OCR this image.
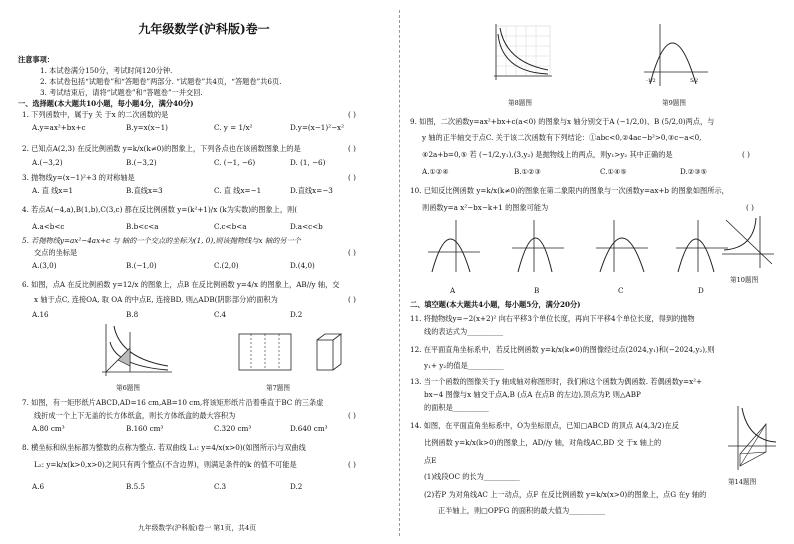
九年级数学(沪科版)卷一
注意事项：
1. 本试卷满分150分，考试时间120分钟.
2. 本试卷包括“试题卷”和“答题卷”两部分. “试题卷”共4页，“答题卷”共6页.
3. 考试结束后，请将“试题卷”和“答题卷”一并交回.
一、选择题(本大题共10小题，每小题4分，满分40分)
1. 下列函数中，属于y 关 于x 的二次函数的是	( )
A.y=ax²+bx+c	B.y=x(x−1)	C. y = 1/x²	D.y=(x−1)²−x²
2. 已知点A(2,3) 在反比例函数 y=k/x(k≠0)的图象上，下列各点也在该函数图象上的是	( )
A.(−3,2)	B.(−3,2)	C. (−1, −6)	D. (1, −6)
3. 抛物线y=(x−1)²+3 的对称轴是	( )
A. 直 线x=1	B.直线x=3	C. 直 线x=−1	D.直线x=−3
4. 若点A(−4,a),B(1,b),C(3,c) 都在反比例函数 y=(k²+1)/x (k为实数)的图象上，则(
A.a<b<c	B.b<c<a	C.c<b<a	D.a<c<b
5. 若抛物线y=ax²−4ax+c 与 轴的一个交点的坐标为(1, 0),则该抛物线与x 轴的另一个
交点的坐标是	( )
A.(3,0)	B.(−1,0)	C.(2,0)	D.(4,0)
6. 如图，点A 在反比例函数 y=12/x 的图象上，点B 在反比例函数 y=4/x 的图象上，AB//y 轴，交
x 轴于点C, 连接OA, 取 OA 的中点E, 连接BD, 则△ADB(阴影部分)的面积为	( )
A.16	B.8	C.4	D.2
第6题图	第7题图
7. 如图，有一矩形纸片ABCD,AD=16 cm,AB=10 cm,将该矩形纸片沿着垂直于BC 的三条虚
线折成一个上下无盖的长方体纸盒，则长方体纸盒的最大容积为	( )
A.80 cm³	B.160 cm³	C.320 cm³	D.640 cm³
8. 横坐标和纵坐标都为整数的点称为整点. 若双曲线 L₁: y=4/x(x>0)(如图所示)与双曲线
L₂: y=k/x(k>0,x>0)之间只有两个整点(不含边界)，则满足条件的k 的值不可能是	( )
A.6	B.5.5	C.3	D.2
九年级数学(沪科版)卷一 第1页，共4页
第8题图
-1/2	5/2
第9题图
9. 如图，二次函数y=ax²+bx+c(a<0) 的图象与x 轴分别交于A (−1/2,0)、B (5/2,0)两点，与
y 轴的正半轴交于点C. 关于该二次函数有下列结论：①abc<0,②4ac−b²>0,③c−a<0,
④2a+b=0,⑤ 若 (−1/2,y₁),(3,y₂) 是抛物线上的两点，则y₁>y₂ 其中正确的是	( )
A.①②④	B.①②③	C.①④⑤	D.②③⑤
10. 已知反比例函数 y=k/x(k≠0)的图象在第二象限内的图象与一次函数y=ax+b 的图象如图所示，
则函数y=a x²−bx−k+1 的图象可能为	( )
A	B	C	D
第10题图
二、填空题(本大题共4小题，每小题5分，满分20分)
11. 将抛物线y=−2(x+2)² 向右平移3个单位长度，再向下平移4个单位长度，得到的抛物
线的表达式为__________
12. 在平面直角坐标系中，若反比例函数 y=k/x(k≠0)的图像经过点(2024,y₁)和(−2024,y₂),则
y₁+ y₂的值是__________
13. 当一个函数的图像关于y 轴成轴对称图形时，我们称这个函数为偶函数. 若偶函数y=x²+
bx−4 图像与x 轴交于点A,B (点A 在点B 的左边),顶点为P, 则△ABP
的面积是__________
14. 如图，在平面直角坐标系中，O为坐标原点，已知□ABCD 的顶点 A(4,3/2)在反
比例函数 y=k/x(k>0)的图象上，AD//y 轴，对角线AC,BD 交 于x 轴上的
点E
(1)线段OC 的长为__________
(2)若P 为对角线AC 上一动点，点F 在反比例函数 y=k/x(x>0)的图象上，点G 在y 轴的
正半轴上，则□OPFG 的面积的最大值为__________
第14题图
